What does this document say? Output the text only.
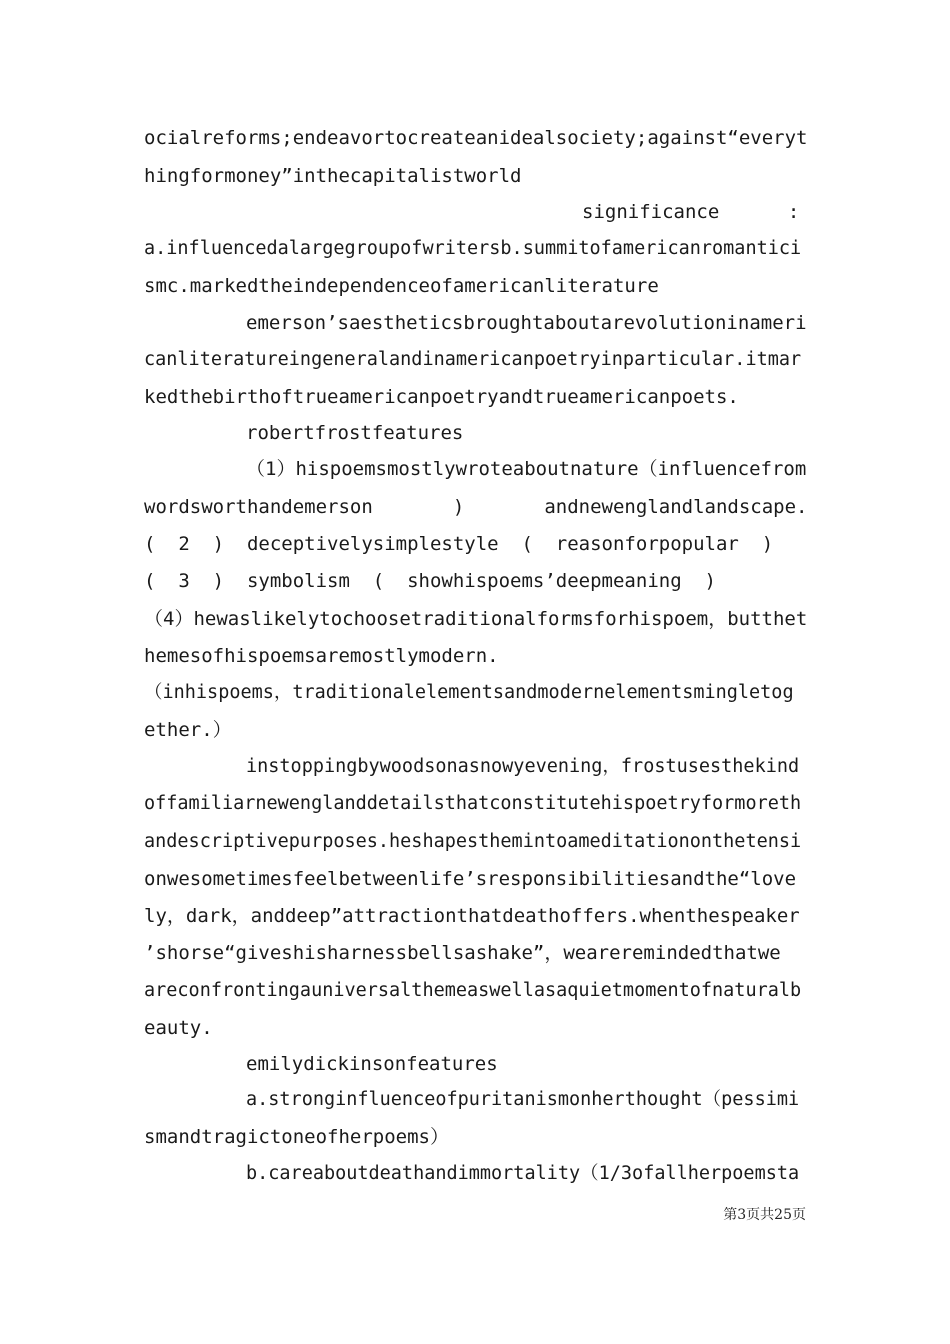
ocialreforms;endeavortocreateanidealsociety;against“everyt
hingformoney”inthecapitalistworld
significance      :
a.influencedalargegroupofwritersb.summitofamericanromantici
smc.markedtheindependenceofamericanliterature
emerson’saestheticsbroughtaboutarevolutioninameri
canliteratureingeneralandinamericanpoetryinparticular.itmar
kedthebirthoftrueamericanpoetryandtrueamericanpoets.
robertfrostfeatures
（1）hispoemsmostlywroteaboutnature（influencefrom
wordsworthandemerson       )       andnewenglandlandscape.
(  2  )  deceptivelysimplestyle  (  reasonforpopular  )
(  3  )  symbolism  (  showhispoems’deepmeaning  )
（4）hewaslikelytochoosetraditionalformsforhispoem，butthet
hemesofhispoemsaremostlymodern.
（inhispoems，traditionalelementsandmodernelementsmingletog
ether.）
instoppingbywoodsonasnowyevening，frostusesthekind
offamiliarnewenglanddetailsthatconstitutehispoetryformoreth
andescriptivepurposes.heshapesthemintoameditationonthetensi
onwesometimesfeelbetweenlife’sresponsibilitiesandthe“love
ly，dark，anddeep”attractionthatdeathoffers.whenthespeaker
’shorse“giveshisharnessbellsashake”，weareremindedthatwe
areconfrontingauniversalthemeaswellasaquietmomentofnaturalb
eauty.
emilydickinsonfeatures
a.stronginfluenceofpuritanismonherthought（pessimi
smandtragictoneofherpoems）
b.careaboutdeathandimmortality（1/3ofallherpoemsta
第3页共25页
